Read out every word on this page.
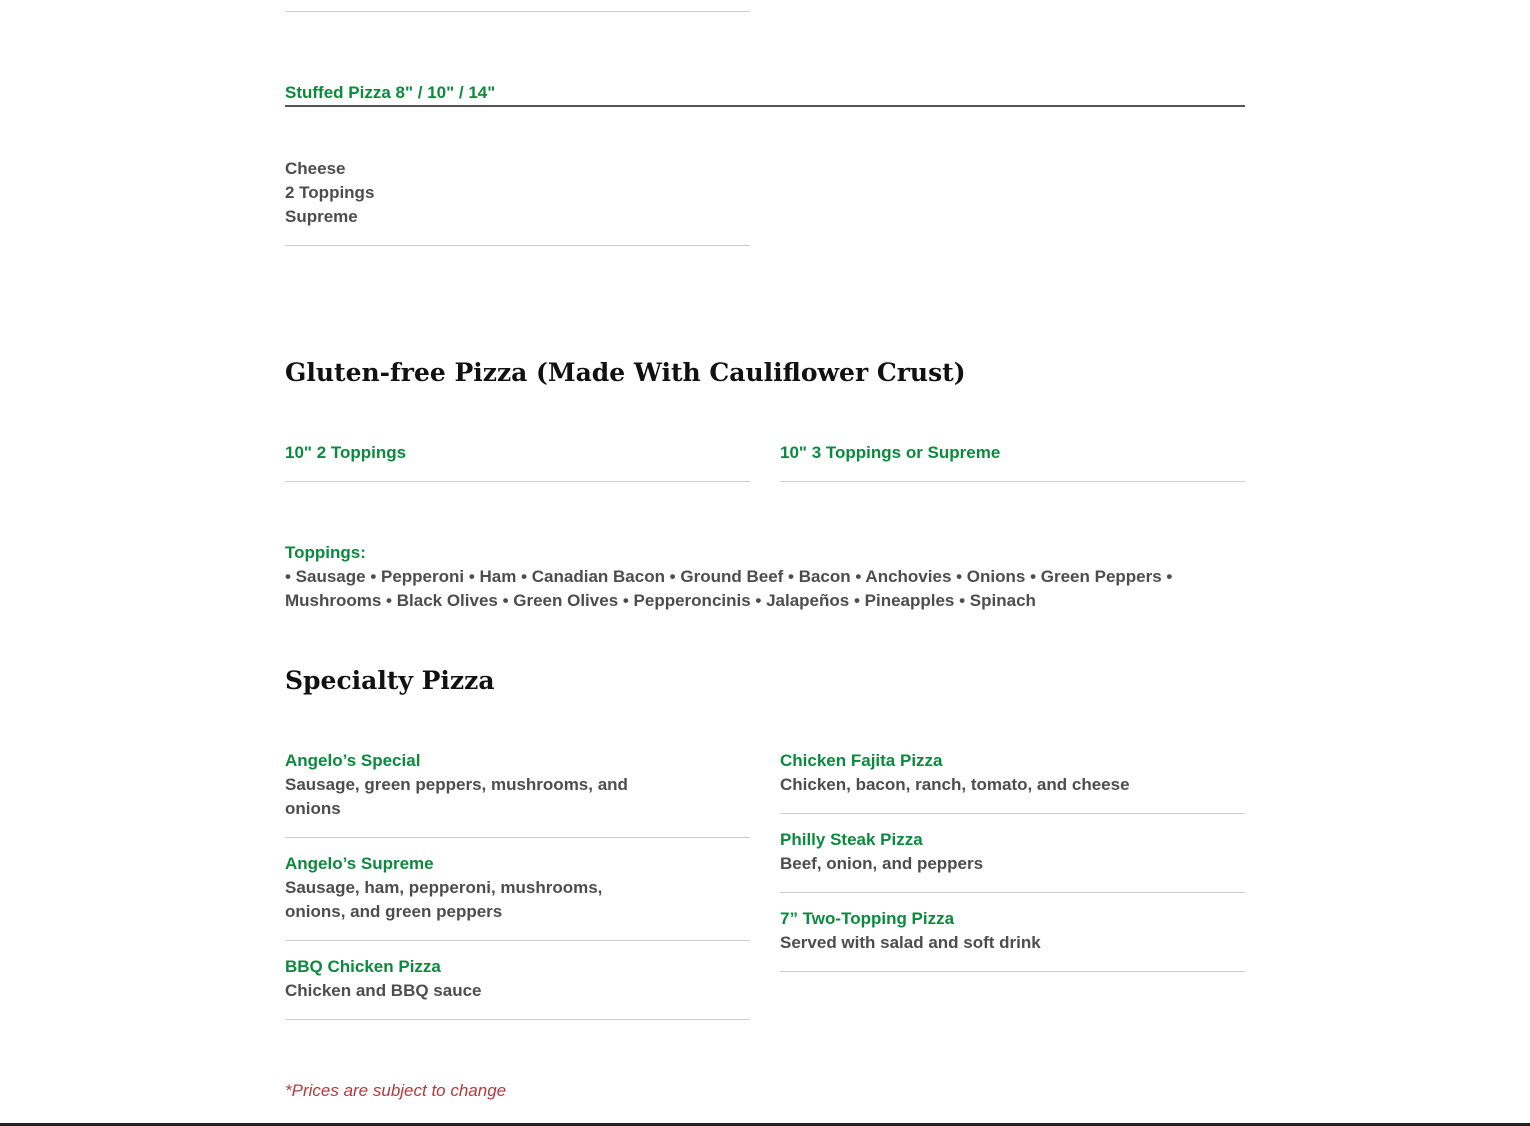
Stuffed Pizza 8" / 10" / 14"
Cheese
2 Toppings
Supreme
Gluten-free Pizza (Made With Cauliflower Crust)
10" 2 Toppings	10" 3 Toppings or Supreme
Toppings:
• Sausage • Pepperoni • Ham • Canadian Bacon • Ground Beef • Bacon • Anchovies • Onions • Green Peppers •
Mushrooms • Black Olives • Green Olives • Pepperoncinis • Jalapeños • Pineapples • Spinach
Specialty Pizza
Angelo’s Special
Sausage, green peppers, mushrooms, and
onions
Angelo’s Supreme
Sausage, ham, pepperoni, mushrooms,
onions, and green peppers
BBQ Chicken Pizza
Chicken and BBQ sauce
Chicken Fajita Pizza
Chicken, bacon, ranch, tomato, and cheese
Philly Steak Pizza
Beef, onion, and peppers
7” Two-Topping Pizza
Served with salad and soft drink
*Prices are subject to change
